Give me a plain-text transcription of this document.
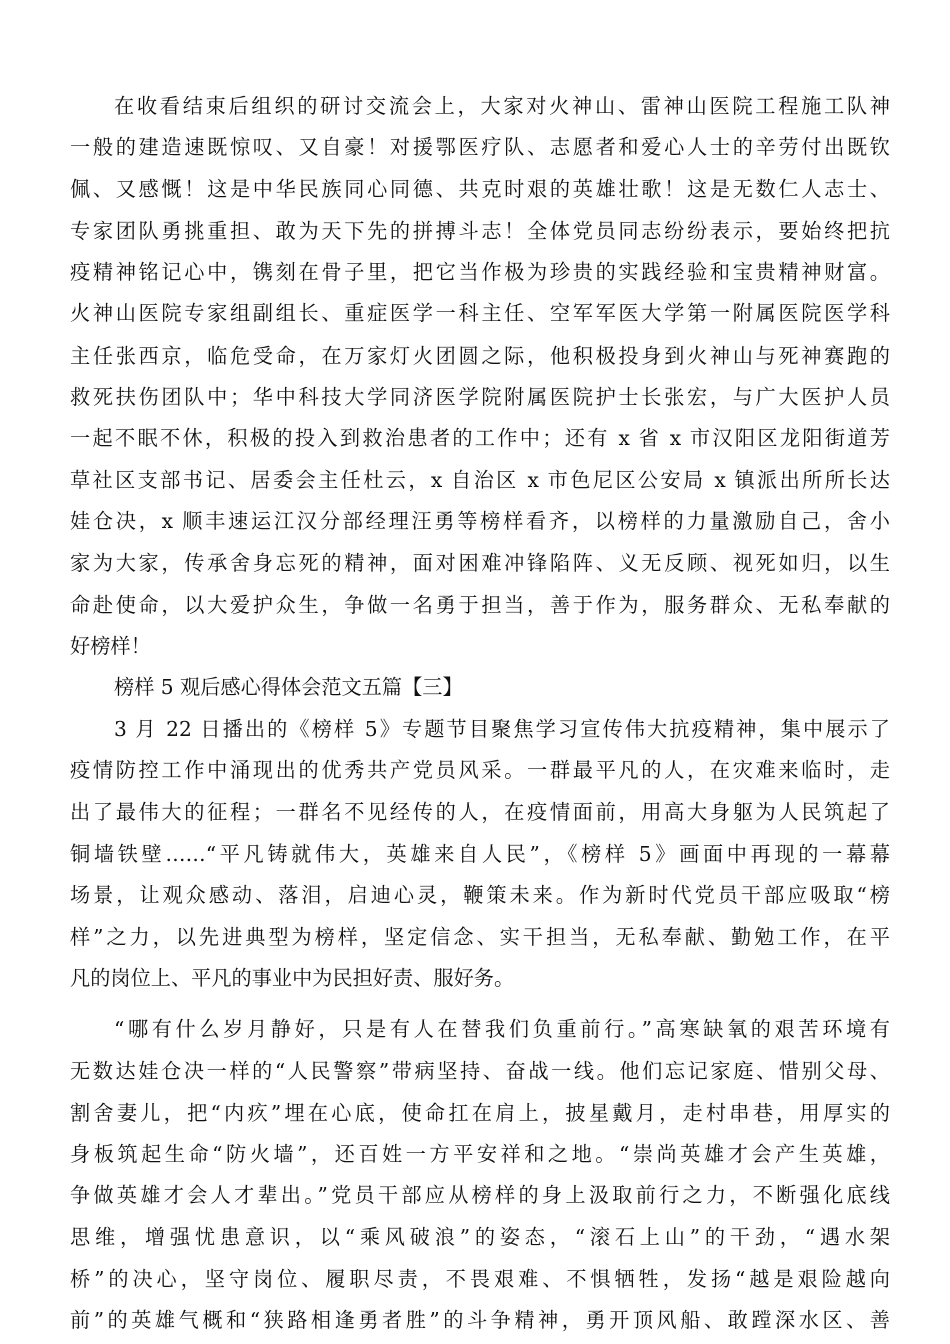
在收看结束后组织的研讨交流会上，大家对火神山、雷神山医院工程施工队神
一般的建造速既惊叹、又自豪！对援鄂医疗队、志愿者和爱心人士的辛劳付出既钦
佩、又感慨！这是中华民族同心同德、共克时艰的英雄壮歌！这是无数仁人志士、
专家团队勇挑重担、敢为天下先的拼搏斗志！全体党员同志纷纷表示，要始终把抗
疫精神铭记心中，镌刻在骨子里，把它当作极为珍贵的实践经验和宝贵精神财富。
火神山医院专家组副组长、重症医学一科主任、空军军医大学第一附属医院医学科
主任张西京，临危受命，在万家灯火团圆之际，他积极投身到火神山与死神赛跑的
救死扶伤团队中；华中科技大学同济医学院附属医院护士长张宏，与广大医护人员
一起不眠不休，积极的投入到救治患者的工作中；还有 x 省 x 市汉阳区龙阳街道芳
草社区支部书记、居委会主任杜云，x 自治区 x 市色尼区公安局 x 镇派出所所长达
娃仓决，x 顺丰速运江汉分部经理汪勇等榜样看齐，以榜样的力量激励自己，舍小
家为大家，传承舍身忘死的精神，面对困难冲锋陷阵、义无反顾、视死如归，以生
命赴使命，以大爱护众生，争做一名勇于担当，善于作为，服务群众、无私奉献的
好榜样！
榜样 5 观后感心得体会范文五篇【三】
3 月 22 日播出的《榜样 5》专题节目聚焦学习宣传伟大抗疫精神，集中展示了
疫情防控工作中涌现出的优秀共产党员风采。一群最平凡的人，在灾难来临时，走
出了最伟大的征程；一群名不见经传的人，在疫情面前，用高大身躯为人民筑起了
铜墙铁壁……“平凡铸就伟大，英雄来自人民”，《榜样 5》画面中再现的一幕幕
场景，让观众感动、落泪，启迪心灵，鞭策未来。作为新时代党员干部应吸取“榜
样”之力，以先进典型为榜样，坚定信念、实干担当，无私奉献、勤勉工作，在平
凡的岗位上、平凡的事业中为民担好责、服好务。
“哪有什么岁月静好，只是有人在替我们负重前行。”高寒缺氧的艰苦环境有
无数达娃仓决一样的“人民警察”带病坚持、奋战一线。他们忘记家庭、惜别父母、
割舍妻儿，把“内疚”埋在心底，使命扛在肩上，披星戴月，走村串巷，用厚实的
身板筑起生命“防火墙”，还百姓一方平安祥和之地。“崇尚英雄才会产生英雄，
争做英雄才会人才辈出。”党员干部应从榜样的身上汲取前行之力，不断强化底线
思维，增强忧患意识，以“乘风破浪”的姿态，“滚石上山”的干劲，“遇水架
桥”的决心，坚守岗位、履职尽责，不畏艰难、不惧牺牲，发扬“越是艰险越向
前”的英雄气概和“狭路相逢勇者胜”的斗争精神，勇开顶风船、敢蹚深水区、善
